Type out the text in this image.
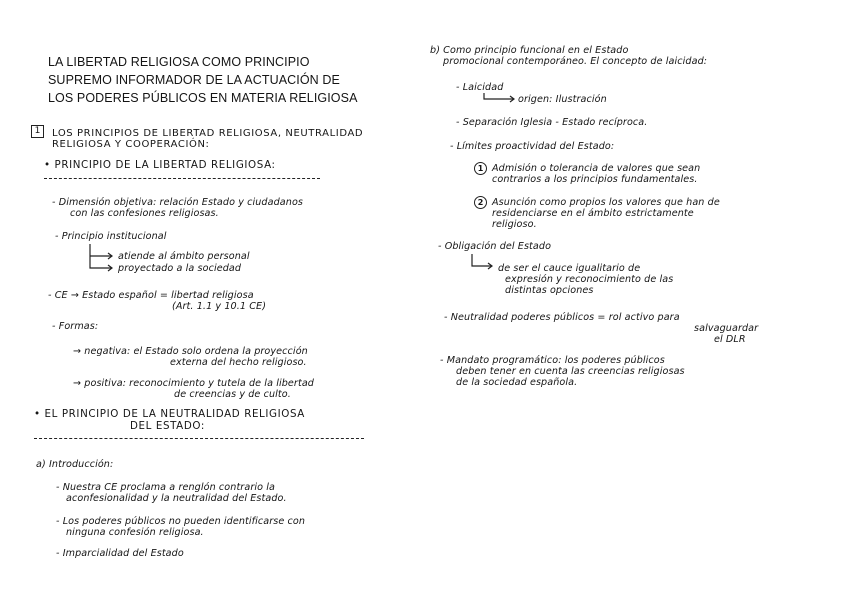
LA LIBERTAD RELIGIOSA COMO PRINCIPIO
SUPREMO INFORMADOR DE LA ACTUACIÓN DE
LOS PODERES PÚBLICOS EN MATERIA RELIGIOSA
1	LOS PRINCIPIOS DE LIBERTAD RELIGIOSA, NEUTRALIDAD
RELIGIOSA Y COOPERACIÓN:
• PRINCIPIO DE LA LIBERTAD RELIGIOSA:
- Dimensión objetiva: relación Estado y ciudadanos
con las confesiones religiosas.
- Principio institucional
atiende al ámbito personal
proyectado a la sociedad
- CE → Estado español = libertad religiosa
(Art. 1.1 y 10.1 CE)
- Formas:
→ negativa: el Estado solo ordena la proyección
externa del hecho religioso.
→ positiva: reconocimiento y tutela de la libertad
de creencias y de culto.
• EL PRINCIPIO DE LA NEUTRALIDAD RELIGIOSA
DEL ESTADO:
a) Introducción:
- Nuestra CE proclama a renglón contrario la
aconfesionalidad y la neutralidad del Estado.
- Los poderes públicos no pueden identificarse con
ninguna confesión religiosa.
- Imparcialidad del Estado
b) Como principio funcional en el Estado
promocional contemporáneo. El concepto de laicidad:
- Laicidad
origen: Ilustración
- Separación Iglesia - Estado recíproca.
- Límites proactividad del Estado:
1 Admisión o tolerancia de valores que sean
contrarios a los principios fundamentales.
2 Asunción como propios los valores que han de
residenciarse en el ámbito estrictamente
religioso.
- Obligación del Estado
de ser el cauce igualitario de
expresión y reconocimiento de las
distintas opciones
- Neutralidad poderes públicos = rol activo para
salvaguardar
el DLR
- Mandato programático: los poderes públicos
deben tener en cuenta las creencias religiosas
de la sociedad española.
